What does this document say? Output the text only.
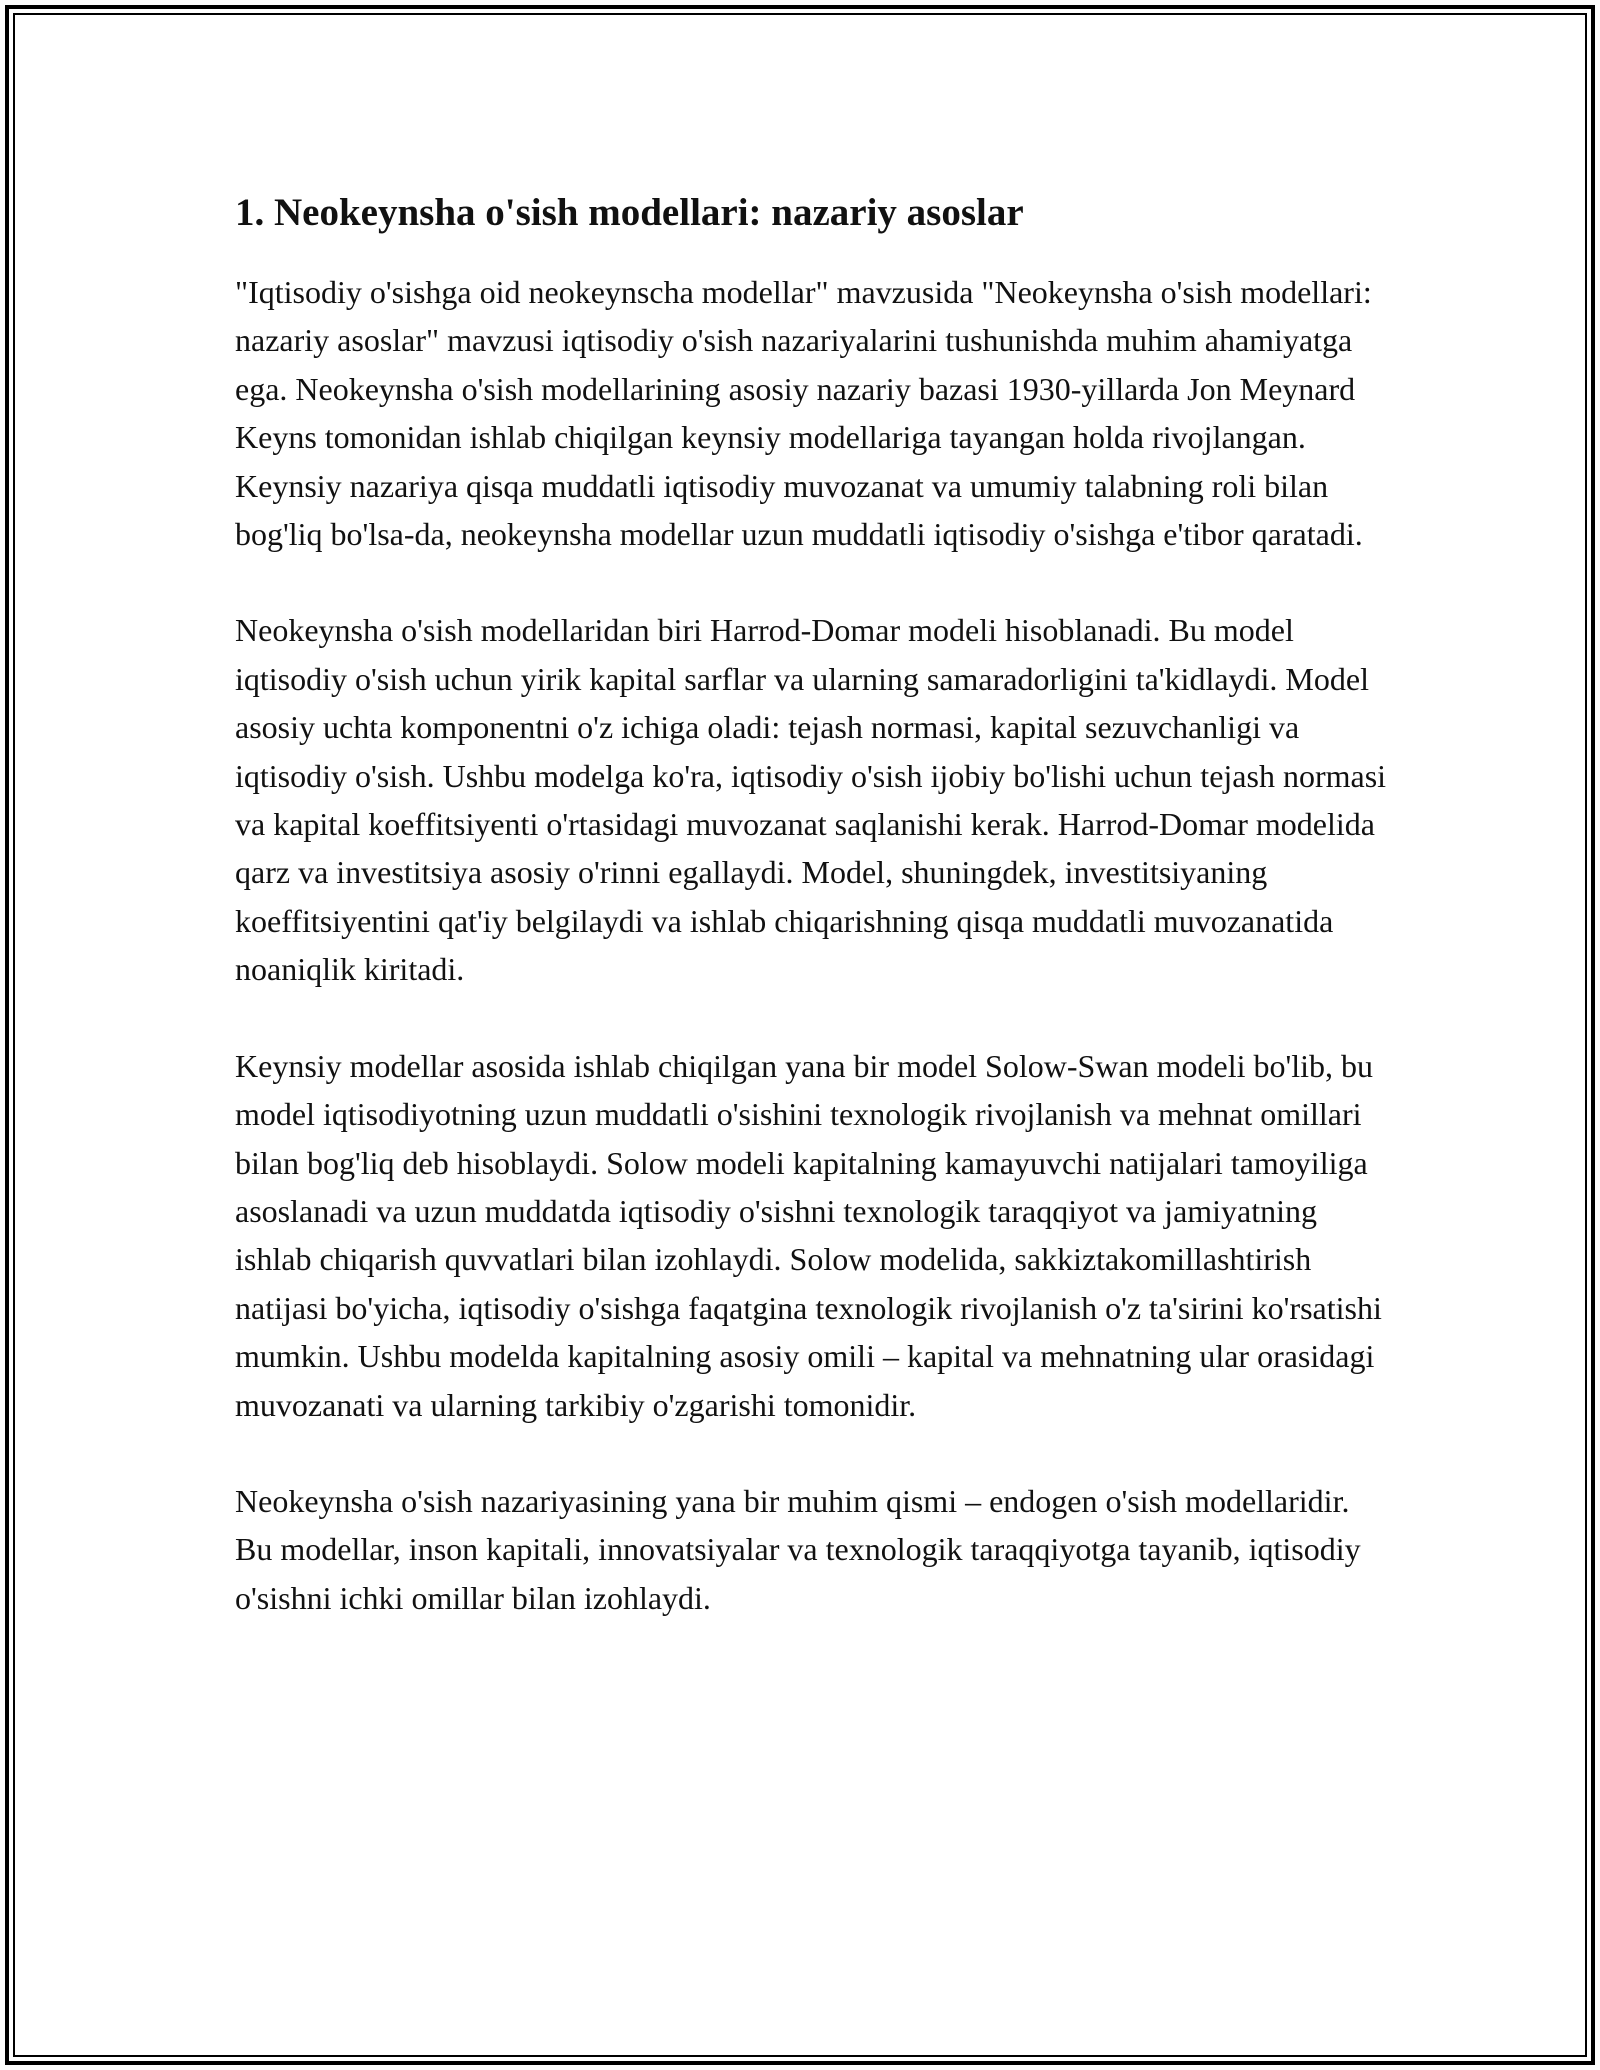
1. Neokeynsha o'sish modellari: nazariy asoslar

"Iqtisodiy o'sishga oid neokeynscha modellar" mavzusida "Neokeynsha o'sish modellari: nazariy asoslar" mavzusi iqtisodiy o'sish nazariyalarini tushunishda muhim ahamiyatga ega. Neokeynsha o'sish modellarining asosiy nazariy bazasi 1930-yillarda Jon Meynard Keyns tomonidan ishlab chiqilgan keynsiy modellariga tayangan holda rivojlangan. Keynsiy nazariya qisqa muddatli iqtisodiy muvozanat va umumiy talabning roli bilan bog'liq bo'lsa-da, neokeynsha modellar uzun muddatli iqtisodiy o'sishga e'tibor qaratadi.

Neokeynsha o'sish modellaridan biri Harrod-Domar modeli hisoblanadi. Bu model iqtisodiy o'sish uchun yirik kapital sarflar va ularning samaradorligini ta'kidlaydi. Model asosiy uchta komponentni o'z ichiga oladi: tejash normasi, kapital sezuvchanligi va iqtisodiy o'sish. Ushbu modelga ko'ra, iqtisodiy o'sish ijobiy bo'lishi uchun tejash normasi va kapital koeffitsiyenti o'rtasidagi muvozanat saqlanishi kerak. Harrod-Domar modelida qarz va investitsiya asosiy o'rinni egallaydi. Model, shuningdek, investitsiyaning koeffitsiyentini qat'iy belgilaydi va ishlab chiqarishning qisqa muddatli muvozanatida noaniqlik kiritadi.

Keynsiy modellar asosida ishlab chiqilgan yana bir model Solow-Swan modeli bo'lib, bu model iqtisodiyotning uzun muddatli o'sishini texnologik rivojlanish va mehnat omillari bilan bog'liq deb hisoblaydi. Solow modeli kapitalning kamayuvchi natijalari tamoyiliga asoslanadi va uzun muddatda iqtisodiy o'sishni texnologik taraqqiyot va jamiyatning ishlab chiqarish quvvatlari bilan izohlaydi. Solow modelida, sakkiztakomillashtirish natijasi bo'yicha, iqtisodiy o'sishga faqatgina texnologik rivojlanish o'z ta'sirini ko'rsatishi mumkin. Ushbu modelda kapitalning asosiy omili – kapital va mehnatning ular orasidagi muvozanati va ularning tarkibiy o'zgarishi tomonidir.

Neokeynsha o'sish nazariyasining yana bir muhim qismi – endogen o'sish modellaridir. Bu modellar, inson kapitali, innovatsiyalar va texnologik taraqqiyotga tayanib, iqtisodiy o'sishni ichki omillar bilan izohlaydi.
